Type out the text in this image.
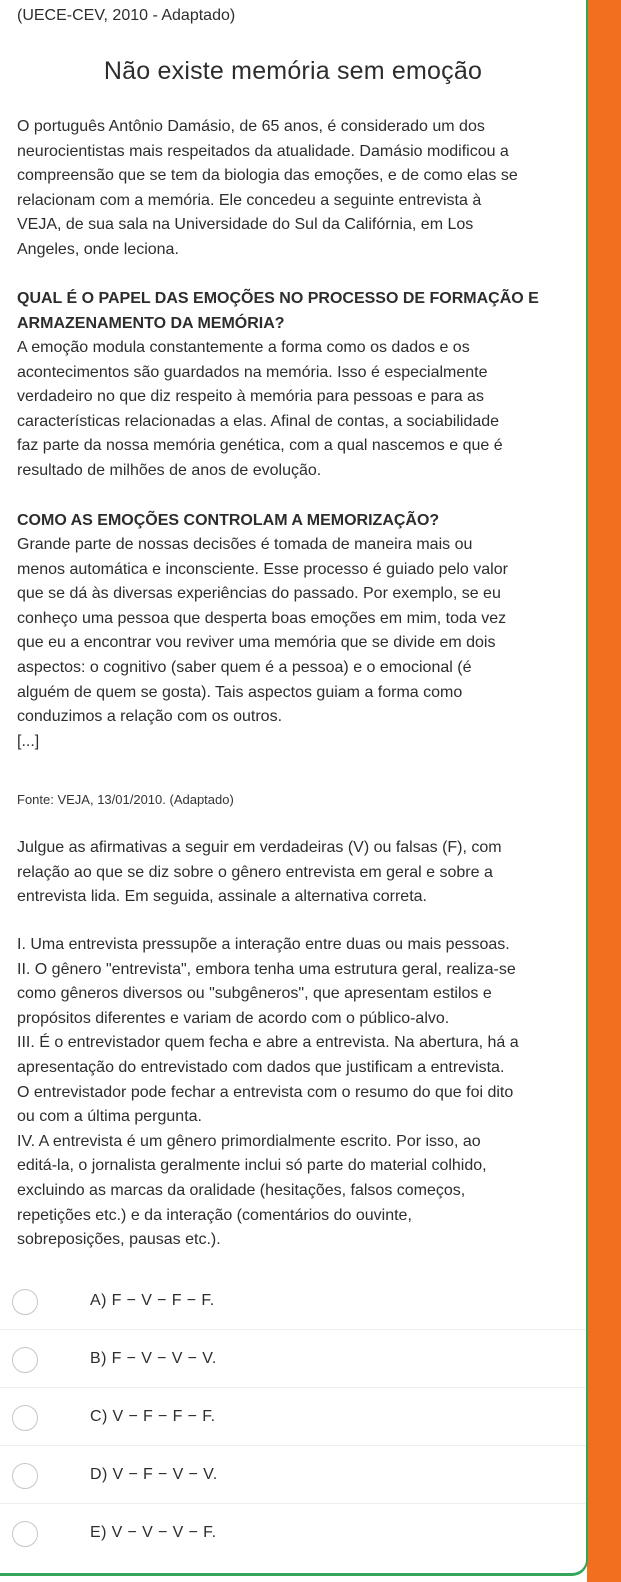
(UECE-CEV, 2010 - Adaptado)
Não existe memória sem emoção
O português Antônio Damásio, de 65 anos, é considerado um dos
neurocientistas mais respeitados da atualidade. Damásio modificou a
compreensão que se tem da biologia das emoções, e de como elas se
relacionam com a memória. Ele concedeu a seguinte entrevista à
VEJA, de sua sala na Universidade do Sul da Califórnia, em Los
Angeles, onde leciona.
QUAL É O PAPEL DAS EMOÇÕES NO PROCESSO DE FORMAÇÃO E
ARMAZENAMENTO DA MEMÓRIA?
A emoção modula constantemente a forma como os dados e os
acontecimentos são guardados na memória. Isso é especialmente
verdadeiro no que diz respeito à memória para pessoas e para as
características relacionadas a elas. Afinal de contas, a sociabilidade
faz parte da nossa memória genética, com a qual nascemos e que é
resultado de milhões de anos de evolução.
COMO AS EMOÇÕES CONTROLAM A MEMORIZAÇÃO?
Grande parte de nossas decisões é tomada de maneira mais ou
menos automática e inconsciente. Esse processo é guiado pelo valor
que se dá às diversas experiências do passado. Por exemplo, se eu
conheço uma pessoa que desperta boas emoções em mim, toda vez
que eu a encontrar vou reviver uma memória que se divide em dois
aspectos: o cognitivo (saber quem é a pessoa) e o emocional (é
alguém de quem se gosta). Tais aspectos guiam a forma como
conduzimos a relação com os outros.
[...]
Fonte: VEJA, 13/01/2010. (Adaptado)
Julgue as afirmativas a seguir em verdadeiras (V) ou falsas (F), com
relação ao que se diz sobre o gênero entrevista em geral e sobre a
entrevista lida. Em seguida, assinale a alternativa correta.
I. Uma entrevista pressupõe a interação entre duas ou mais pessoas.
II. O gênero "entrevista", embora tenha uma estrutura geral, realiza-se
como gêneros diversos ou "subgêneros", que apresentam estilos e
propósitos diferentes e variam de acordo com o público-alvo.
III. É o entrevistador quem fecha e abre a entrevista. Na abertura, há a
apresentação do entrevistado com dados que justificam a entrevista.
O entrevistador pode fechar a entrevista com o resumo do que foi dito
ou com a última pergunta.
IV. A entrevista é um gênero primordialmente escrito. Por isso, ao
editá-la, o jornalista geralmente inclui só parte do material colhido,
excluindo as marcas da oralidade (hesitações, falsos começos,
repetições etc.) e da interação (comentários do ouvinte,
sobreposições, pausas etc.).
A) F − V − F − F.
B) F − V − V − V.
C) V − F − F − F.
D) V − F − V − V.
E) V − V − V − F.
